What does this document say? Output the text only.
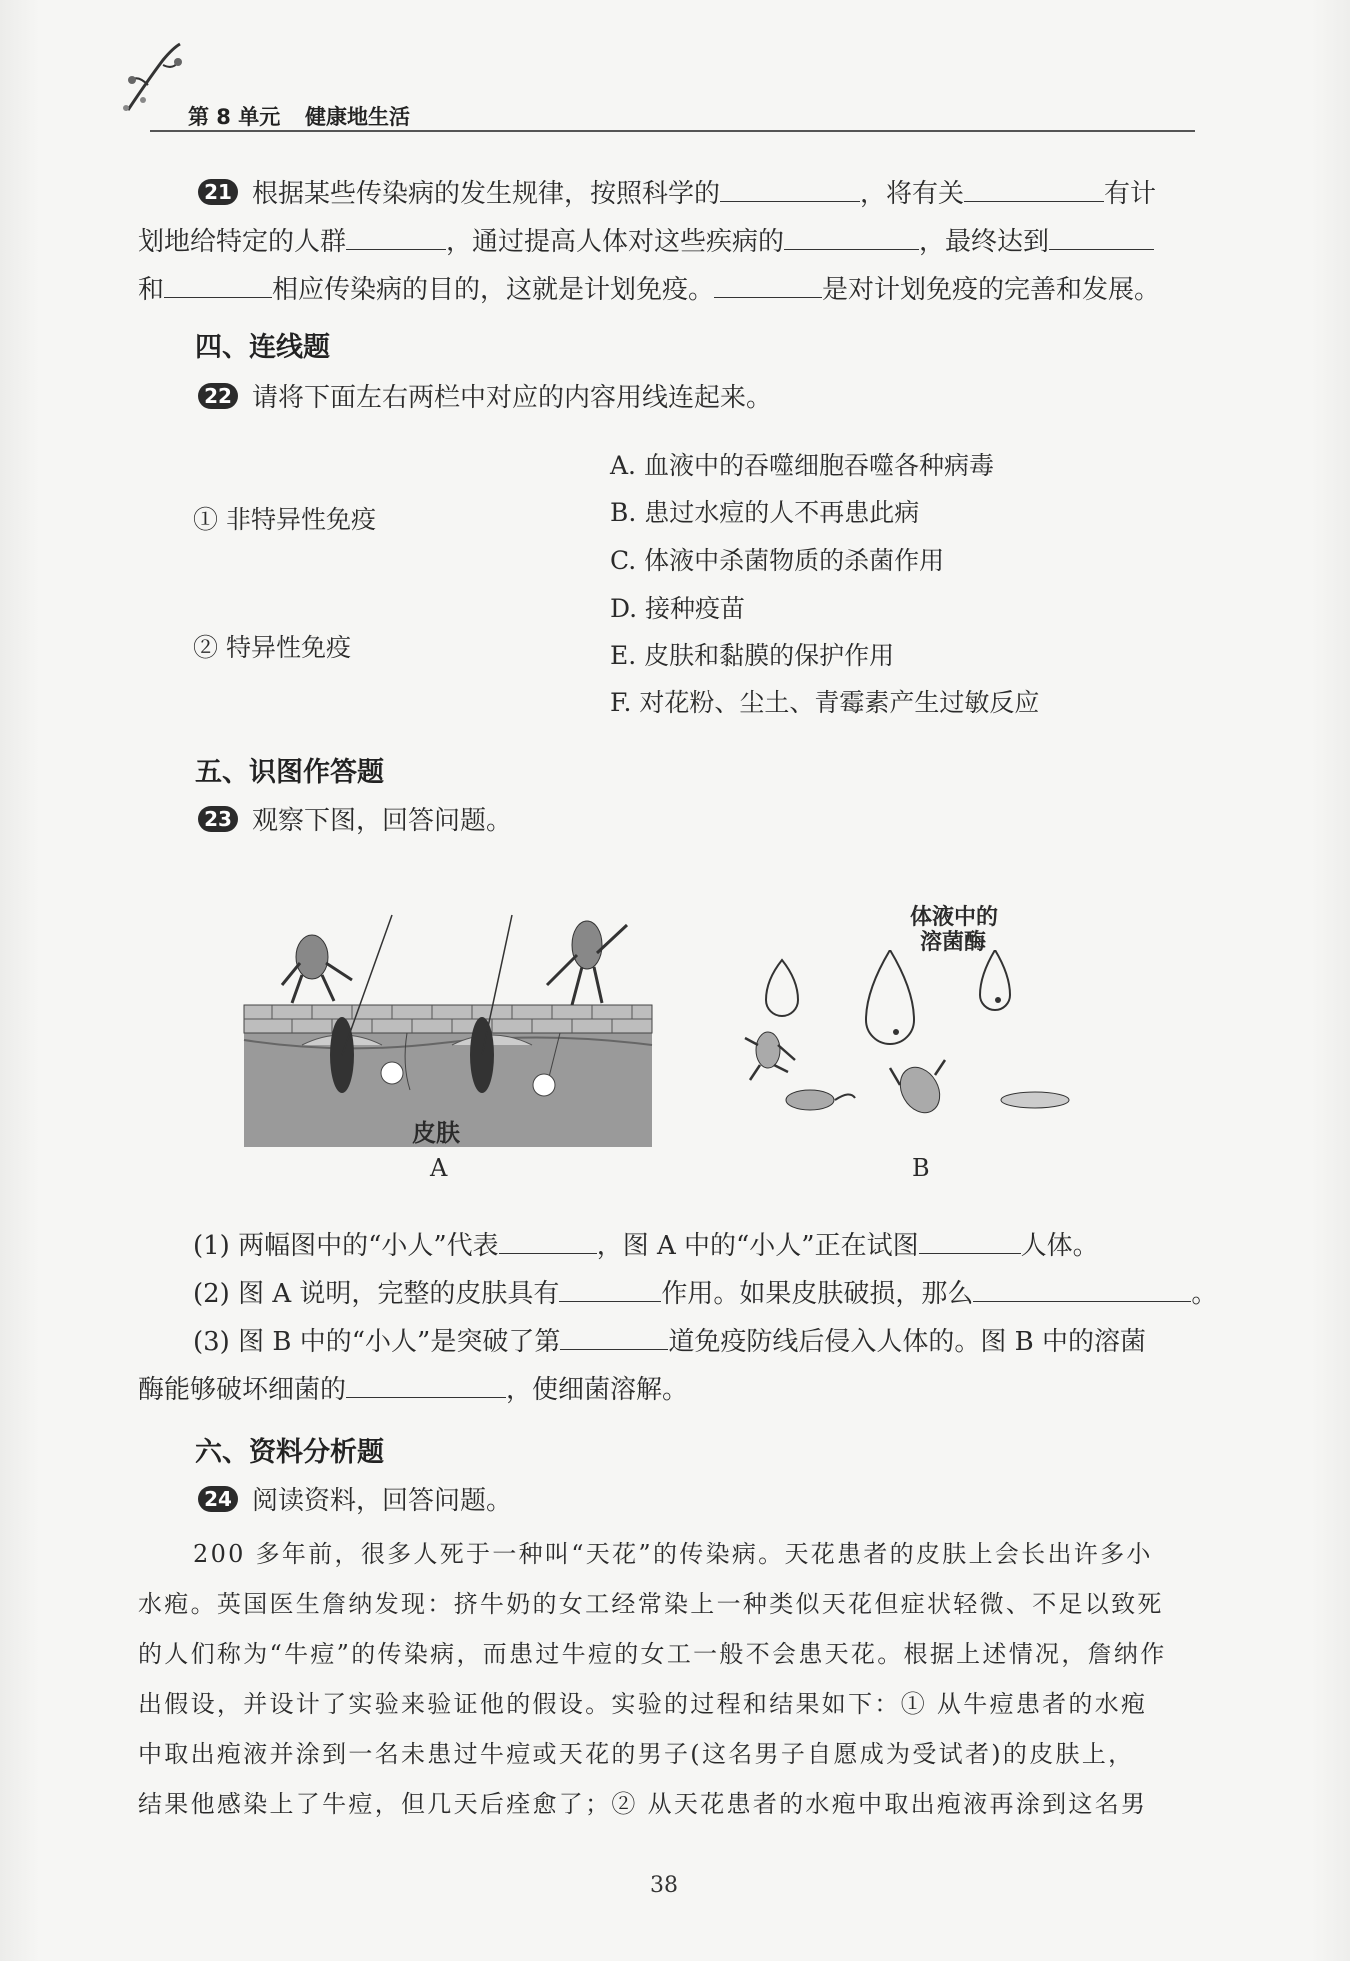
第 8 单元 健康地生活
21 根据某些传染病的发生规律，按照科学的	，将有关	有计
划地给特定的人群	，通过提高人体对这些疾病的	，最终达到
和	相应传染病的目的，这就是计划免疫。	是对计划免疫的完善和发展。
四、连线题
22 请将下面左右两栏中对应的内容用线连起来。
① 非特异性免疫
② 特异性免疫
A. 血液中的吞噬细胞吞噬各种病毒
B. 患过水痘的人不再患此病
C. 体液中杀菌物质的杀菌作用
D. 接种疫苗
E. 皮肤和黏膜的保护作用
F. 对花粉、尘土、青霉素产生过敏反应
五、识图作答题
23 观察下图，回答问题。
皮肤
A
体液中的
溶菌酶
B
(1) 两幅图中的“小人”代表	，图 A 中的“小人”正在试图	人体。
(2) 图 A 说明，完整的皮肤具有	作用。如果皮肤破损，那么	。
(3) 图 B 中的“小人”是突破了第	道免疫防线后侵入人体的。图 B 中的溶菌
酶能够破坏细菌的	，使细菌溶解。
六、资料分析题
24 阅读资料，回答问题。
200 多年前，很多人死于一种叫“天花”的传染病。天花患者的皮肤上会长出许多小
水疱。英国医生詹纳发现：挤牛奶的女工经常染上一种类似天花但症状轻微、不足以致死
的人们称为“牛痘”的传染病，而患过牛痘的女工一般不会患天花。根据上述情况，詹纳作
出假设，并设计了实验来验证他的假设。实验的过程和结果如下：① 从牛痘患者的水疱
中取出疱液并涂到一名未患过牛痘或天花的男子(这名男子自愿成为受试者)的皮肤上，
结果他感染上了牛痘，但几天后痊愈了；② 从天花患者的水疱中取出疱液再涂到这名男
38
